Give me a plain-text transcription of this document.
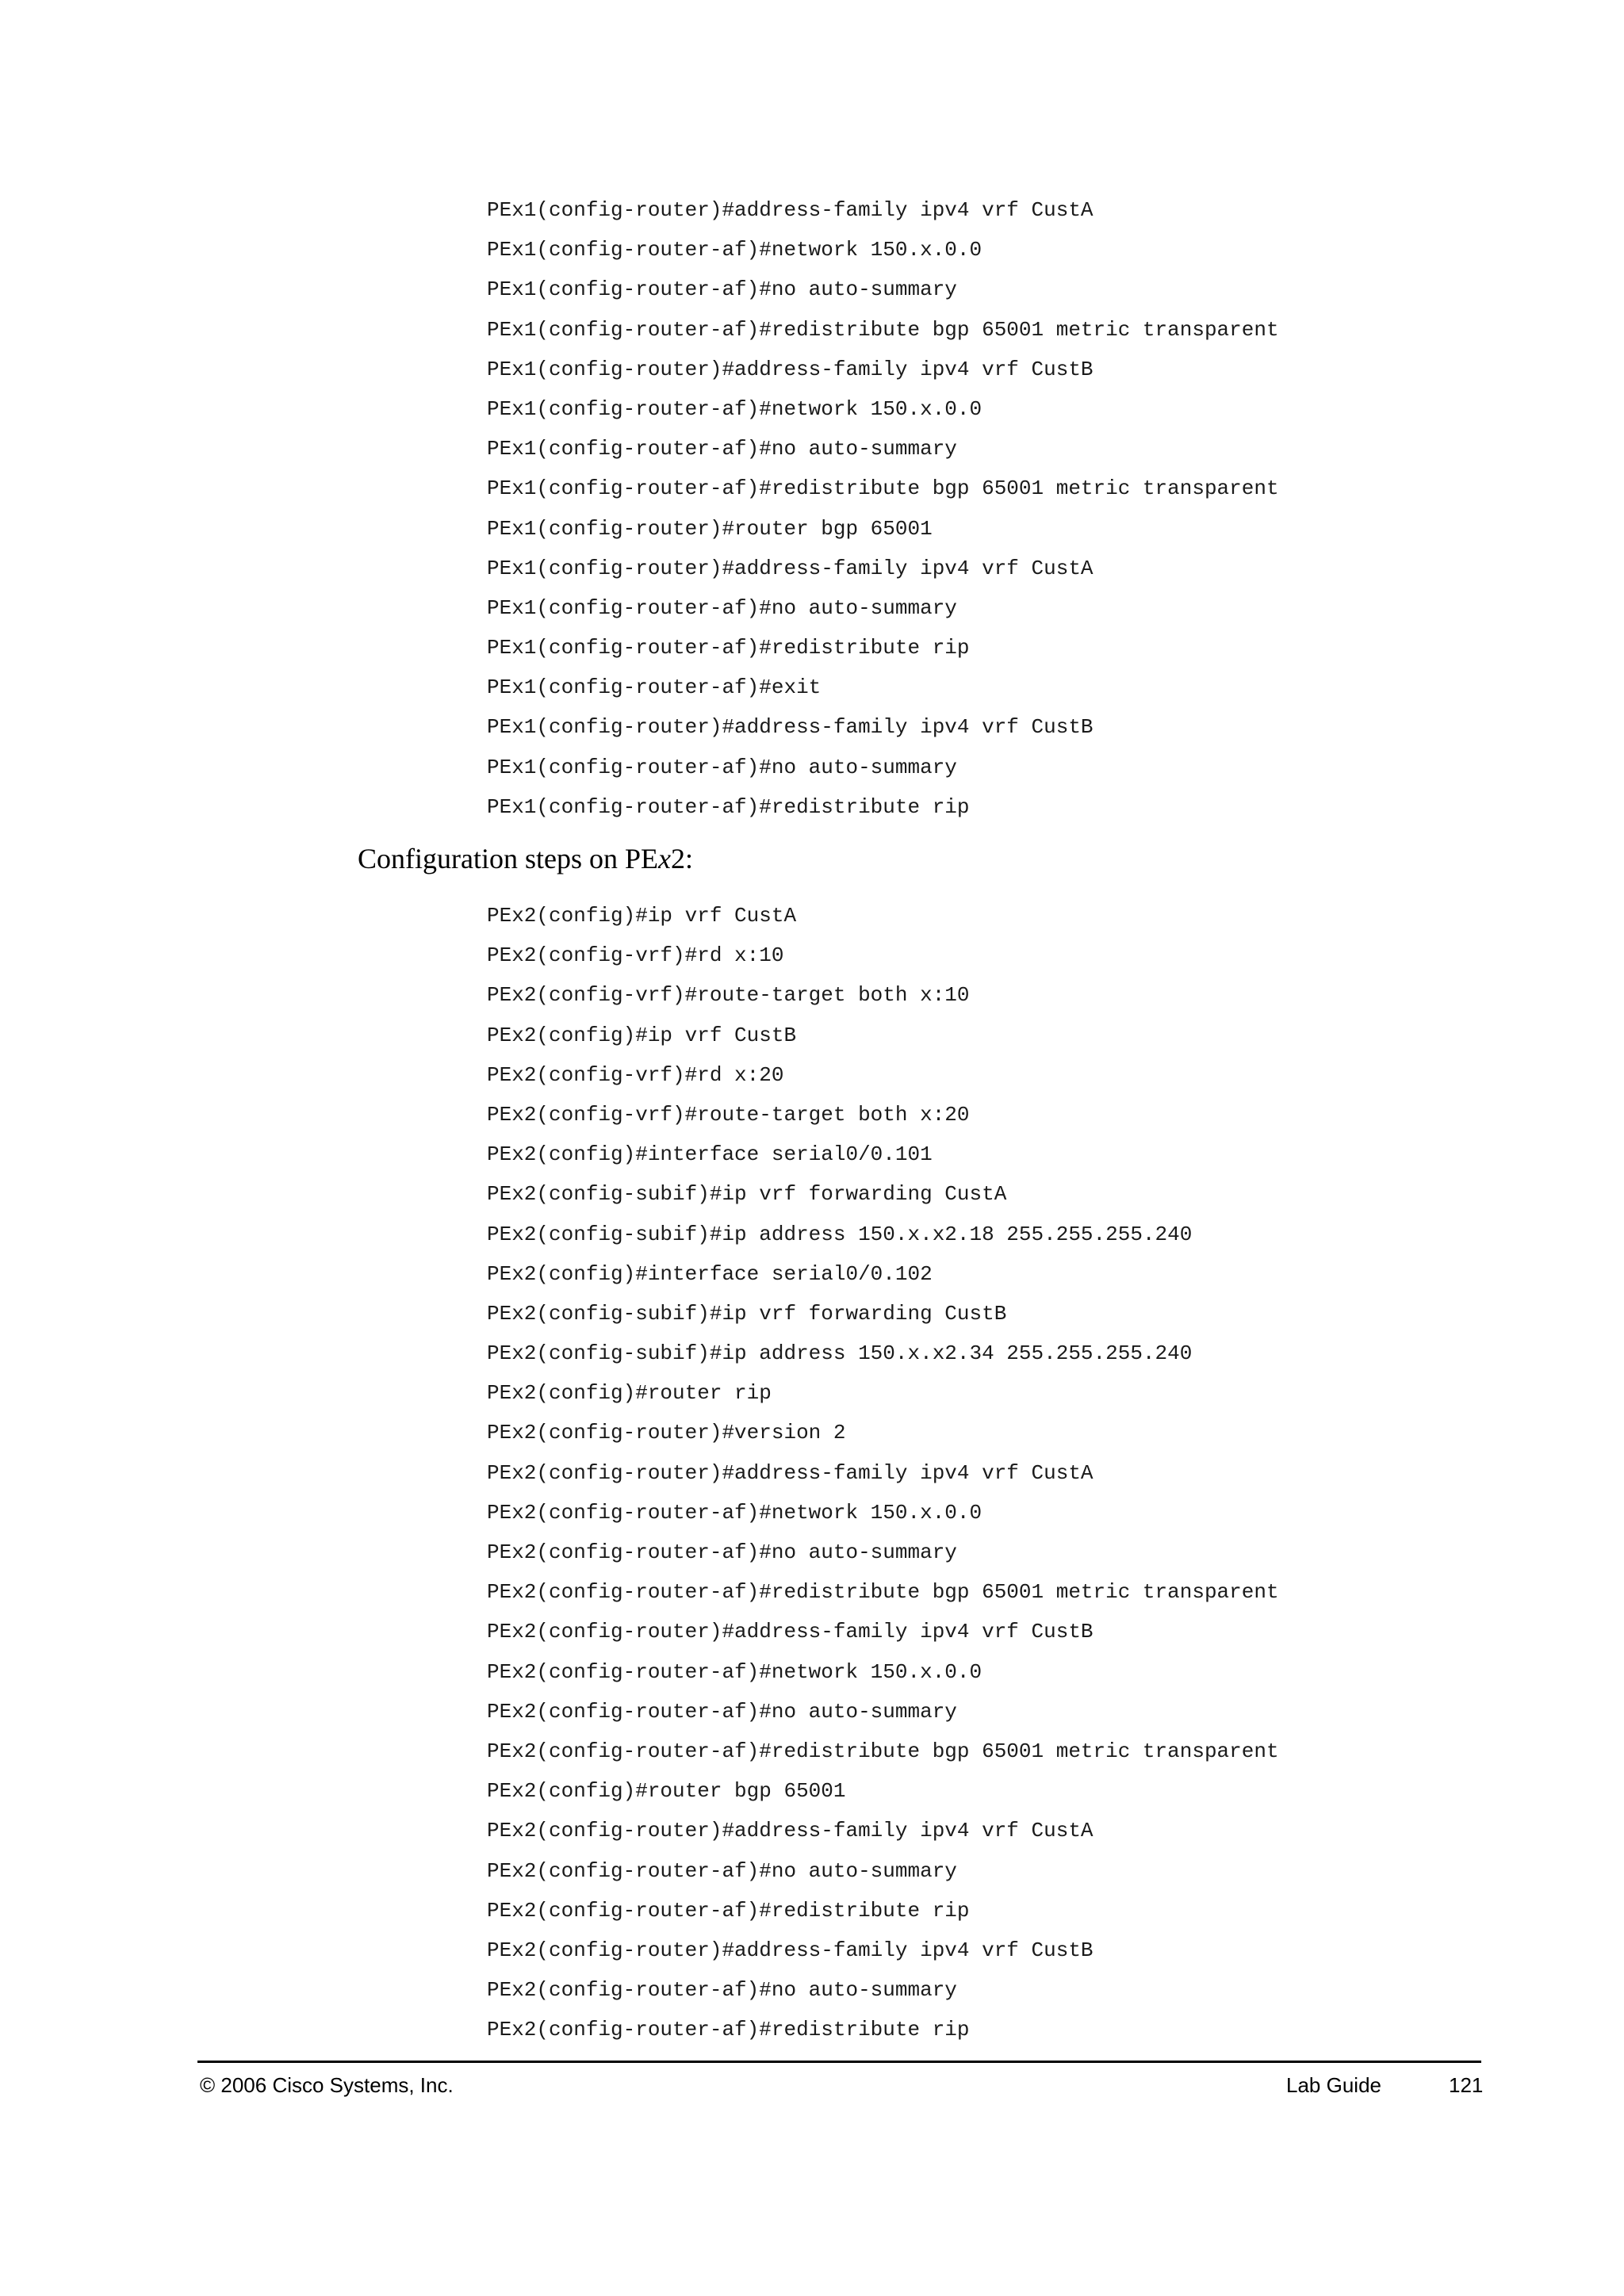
PEx1(config-router)#address-family ipv4 vrf CustA
PEx1(config-router-af)#network 150.x.0.0
PEx1(config-router-af)#no auto-summary
PEx1(config-router-af)#redistribute bgp 65001 metric transparent
PEx1(config-router)#address-family ipv4 vrf CustB
PEx1(config-router-af)#network 150.x.0.0
PEx1(config-router-af)#no auto-summary
PEx1(config-router-af)#redistribute bgp 65001 metric transparent
PEx1(config-router)#router bgp 65001
PEx1(config-router)#address-family ipv4 vrf CustA
PEx1(config-router-af)#no auto-summary
PEx1(config-router-af)#redistribute rip
PEx1(config-router-af)#exit
PEx1(config-router)#address-family ipv4 vrf CustB
PEx1(config-router-af)#no auto-summary
PEx1(config-router-af)#redistribute rip
Configuration steps on PEx2:
PEx2(config)#ip vrf CustA
PEx2(config-vrf)#rd x:10
PEx2(config-vrf)#route-target both x:10
PEx2(config)#ip vrf CustB
PEx2(config-vrf)#rd x:20
PEx2(config-vrf)#route-target both x:20
PEx2(config)#interface serial0/0.101
PEx2(config-subif)#ip vrf forwarding CustA
PEx2(config-subif)#ip address 150.x.x2.18 255.255.255.240
PEx2(config)#interface serial0/0.102
PEx2(config-subif)#ip vrf forwarding CustB
PEx2(config-subif)#ip address 150.x.x2.34 255.255.255.240
PEx2(config)#router rip
PEx2(config-router)#version 2
PEx2(config-router)#address-family ipv4 vrf CustA
PEx2(config-router-af)#network 150.x.0.0
PEx2(config-router-af)#no auto-summary
PEx2(config-router-af)#redistribute bgp 65001 metric transparent
PEx2(config-router)#address-family ipv4 vrf CustB
PEx2(config-router-af)#network 150.x.0.0
PEx2(config-router-af)#no auto-summary
PEx2(config-router-af)#redistribute bgp 65001 metric transparent
PEx2(config)#router bgp 65001
PEx2(config-router)#address-family ipv4 vrf CustA
PEx2(config-router-af)#no auto-summary
PEx2(config-router-af)#redistribute rip
PEx2(config-router)#address-family ipv4 vrf CustB
PEx2(config-router-af)#no auto-summary
PEx2(config-router-af)#redistribute rip
© 2006 Cisco Systems, Inc.	Lab Guide	121
